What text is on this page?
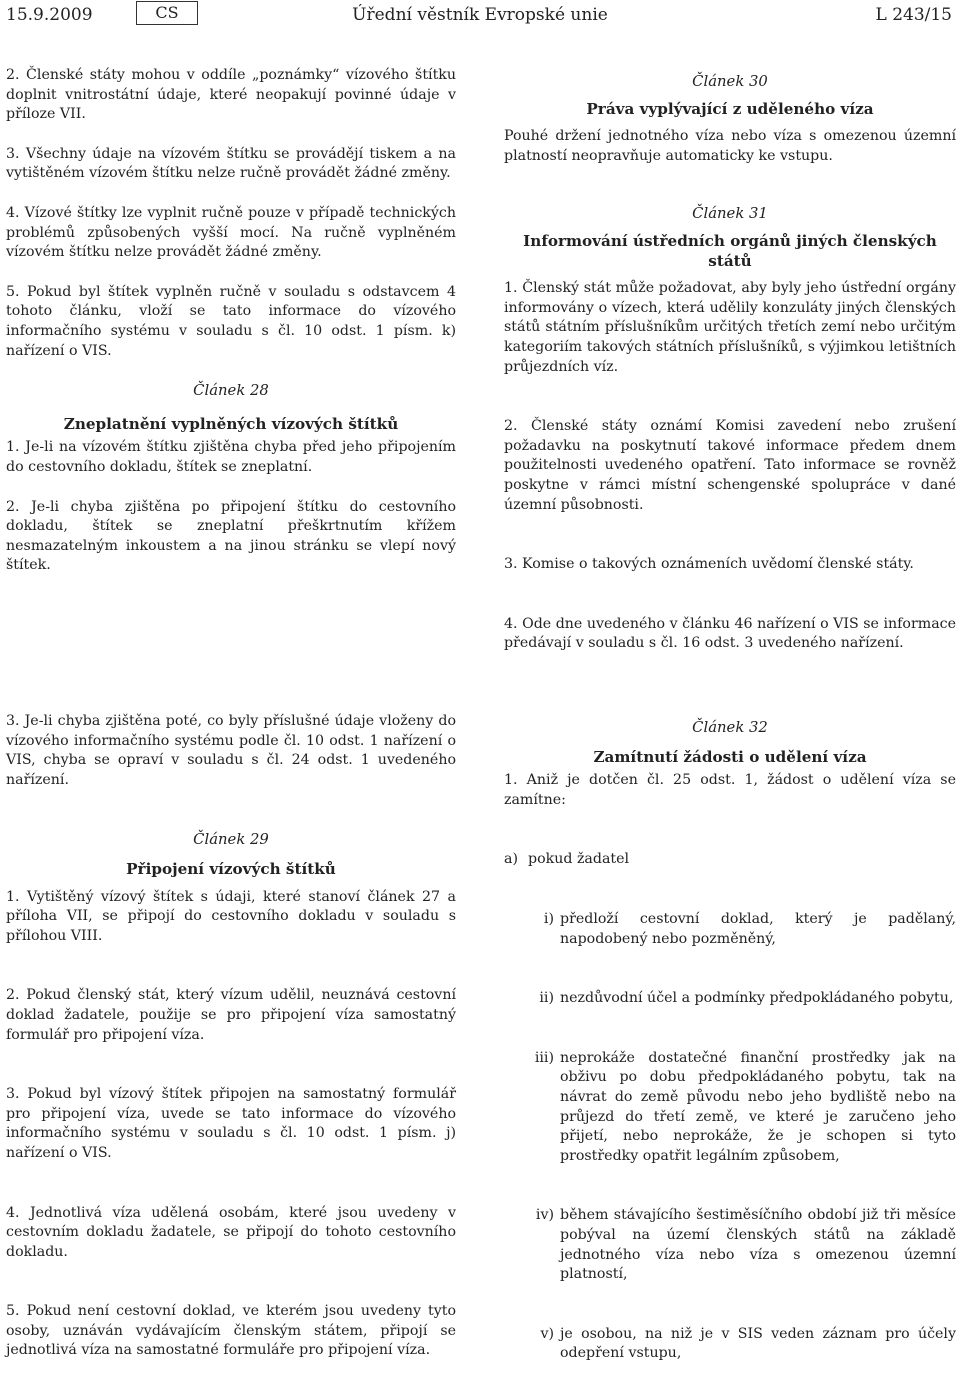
15.9.2009	CS	Úřední věstník Evropské unie	L 243/15

2. Členské státy mohou v oddíle „poznámky“ vízového štítku doplnit vnitrostátní údaje, které neopakují povinné údaje v příloze VII.

3. Všechny údaje na vízovém štítku se provádějí tiskem a na vytištěném vízovém štítku nelze ručně provádět žádné změny.

4. Vízové štítky lze vyplnit ručně pouze v případě technických problémů způsobených vyšší mocí. Na ručně vyplněném vízovém štítku nelze provádět žádné změny.

5. Pokud byl štítek vyplněn ručně v souladu s odstavcem 4 tohoto článku, vloží se tato informace do vízového informačního systému v souladu s čl. 10 odst. 1 písm. k) nařízení o VIS.

Článek 28

Zneplatnění vyplněných vízových štítků

1. Je-li na vízovém štítku zjištěna chyba před jeho připojením do cestovního dokladu, štítek se zneplatní.

2. Je-li chyba zjištěna po připojení štítku do cestovního dokladu, štítek se zneplatní přeškrtnutím křížem nesmazatelným inkoustem a na jinou stránku se vlepí nový štítek.

Článek 30

Práva vyplývající z uděleného víza

Pouhé držení jednotného víza nebo víza s omezenou územní platností neopravňuje automaticky ke vstupu.

Článek 31

Informování ústředních orgánů jiných členských států

1. Členský stát může požadovat, aby byly jeho ústřední orgány informovány o vízech, která udělily konzuláty jiných členských států státním příslušníkům určitých třetích zemí nebo určitým kategoriím takových státních příslušníků, s výjimkou letištních průjezdních víz.

2. Členské státy oznámí Komisi zavedení nebo zrušení požadavku na poskytnutí takové informace předem dnem použitelnosti uvedeného opatření. Tato informace se rovněž poskytne v rámci místní schengenské spolupráce v dané územní působnosti.

3. Komise o takových oznámeních uvědomí členské státy.

4. Ode dne uvedeného v článku 46 nařízení o VIS se informace předávají v souladu s čl. 16 odst. 3 uvedeného nařízení.

3. Je-li chyba zjištěna poté, co byly příslušné údaje vloženy do vízového informačního systému podle čl. 10 odst. 1 nařízení o VIS, chyba se opraví v souladu s čl. 24 odst. 1 uvedeného nařízení.

Článek 29

Připojení vízových štítků

1. Vytištěný vízový štítek s údaji, které stanoví článek 27 a příloha VII, se připojí do cestovního dokladu v souladu s přílohou VIII.

2. Pokud členský stát, který vízum udělil, neuznává cestovní doklad žadatele, použije se pro připojení víza samostatný formulář pro připojení víza.

3. Pokud byl vízový štítek připojen na samostatný formulář pro připojení víza, uvede se tato informace do vízového informačního systému v souladu s čl. 10 odst. 1 písm. j) nařízení o VIS.

4. Jednotlivá víza udělená osobám, které jsou uvedeny v cestovním dokladu žadatele, se připojí do tohoto cestovního dokladu.

5. Pokud není cestovní doklad, ve kterém jsou uvedeny tyto osoby, uznáván vydávajícím členským státem, připojí se jednotlivá víza na samostatné formuláře pro připojení víza.

Článek 32

Zamítnutí žádosti o udělení víza

1. Aniž je dotčen čl. 25 odst. 1, žádost o udělení víza se zamítne:

a) pokud žadatel
i) předloží cestovní doklad, který je padělaný, napodobený nebo pozměněný,
ii) nezdůvodní účel a podmínky předpokládaného pobytu,
iii) neprokáže dostatečné finanční prostředky jak na obživu po dobu předpokládaného pobytu, tak na návrat do země původu nebo jeho bydliště nebo na průjezd do třetí země, ve které je zaručeno jeho přijetí, nebo neprokáže, že je schopen si tyto prostředky opatřit legálním způsobem,
iv) během stávajícího šestiměsíčního období již tři měsíce pobýval na území členských států na základě jednotného víza nebo víza s omezenou územní platností,
v) je osobou, na niž je v SIS veden záznam pro účely odepření vstupu,
